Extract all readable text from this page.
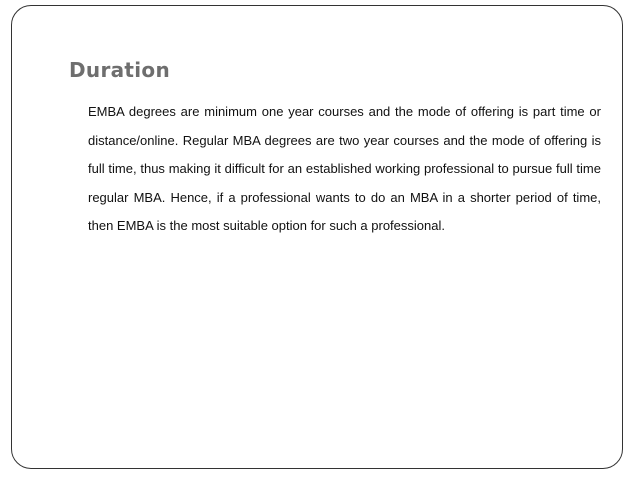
Duration

EMBA degrees are minimum one year courses and the mode of offering is part time or distance/online. Regular MBA degrees are two year courses and the mode of offering is full time, thus making it difficult for an established working professional to pursue full time regular MBA. Hence, if a professional wants to do an MBA in a shorter period of time, then EMBA is the most suitable option for such a professional.
